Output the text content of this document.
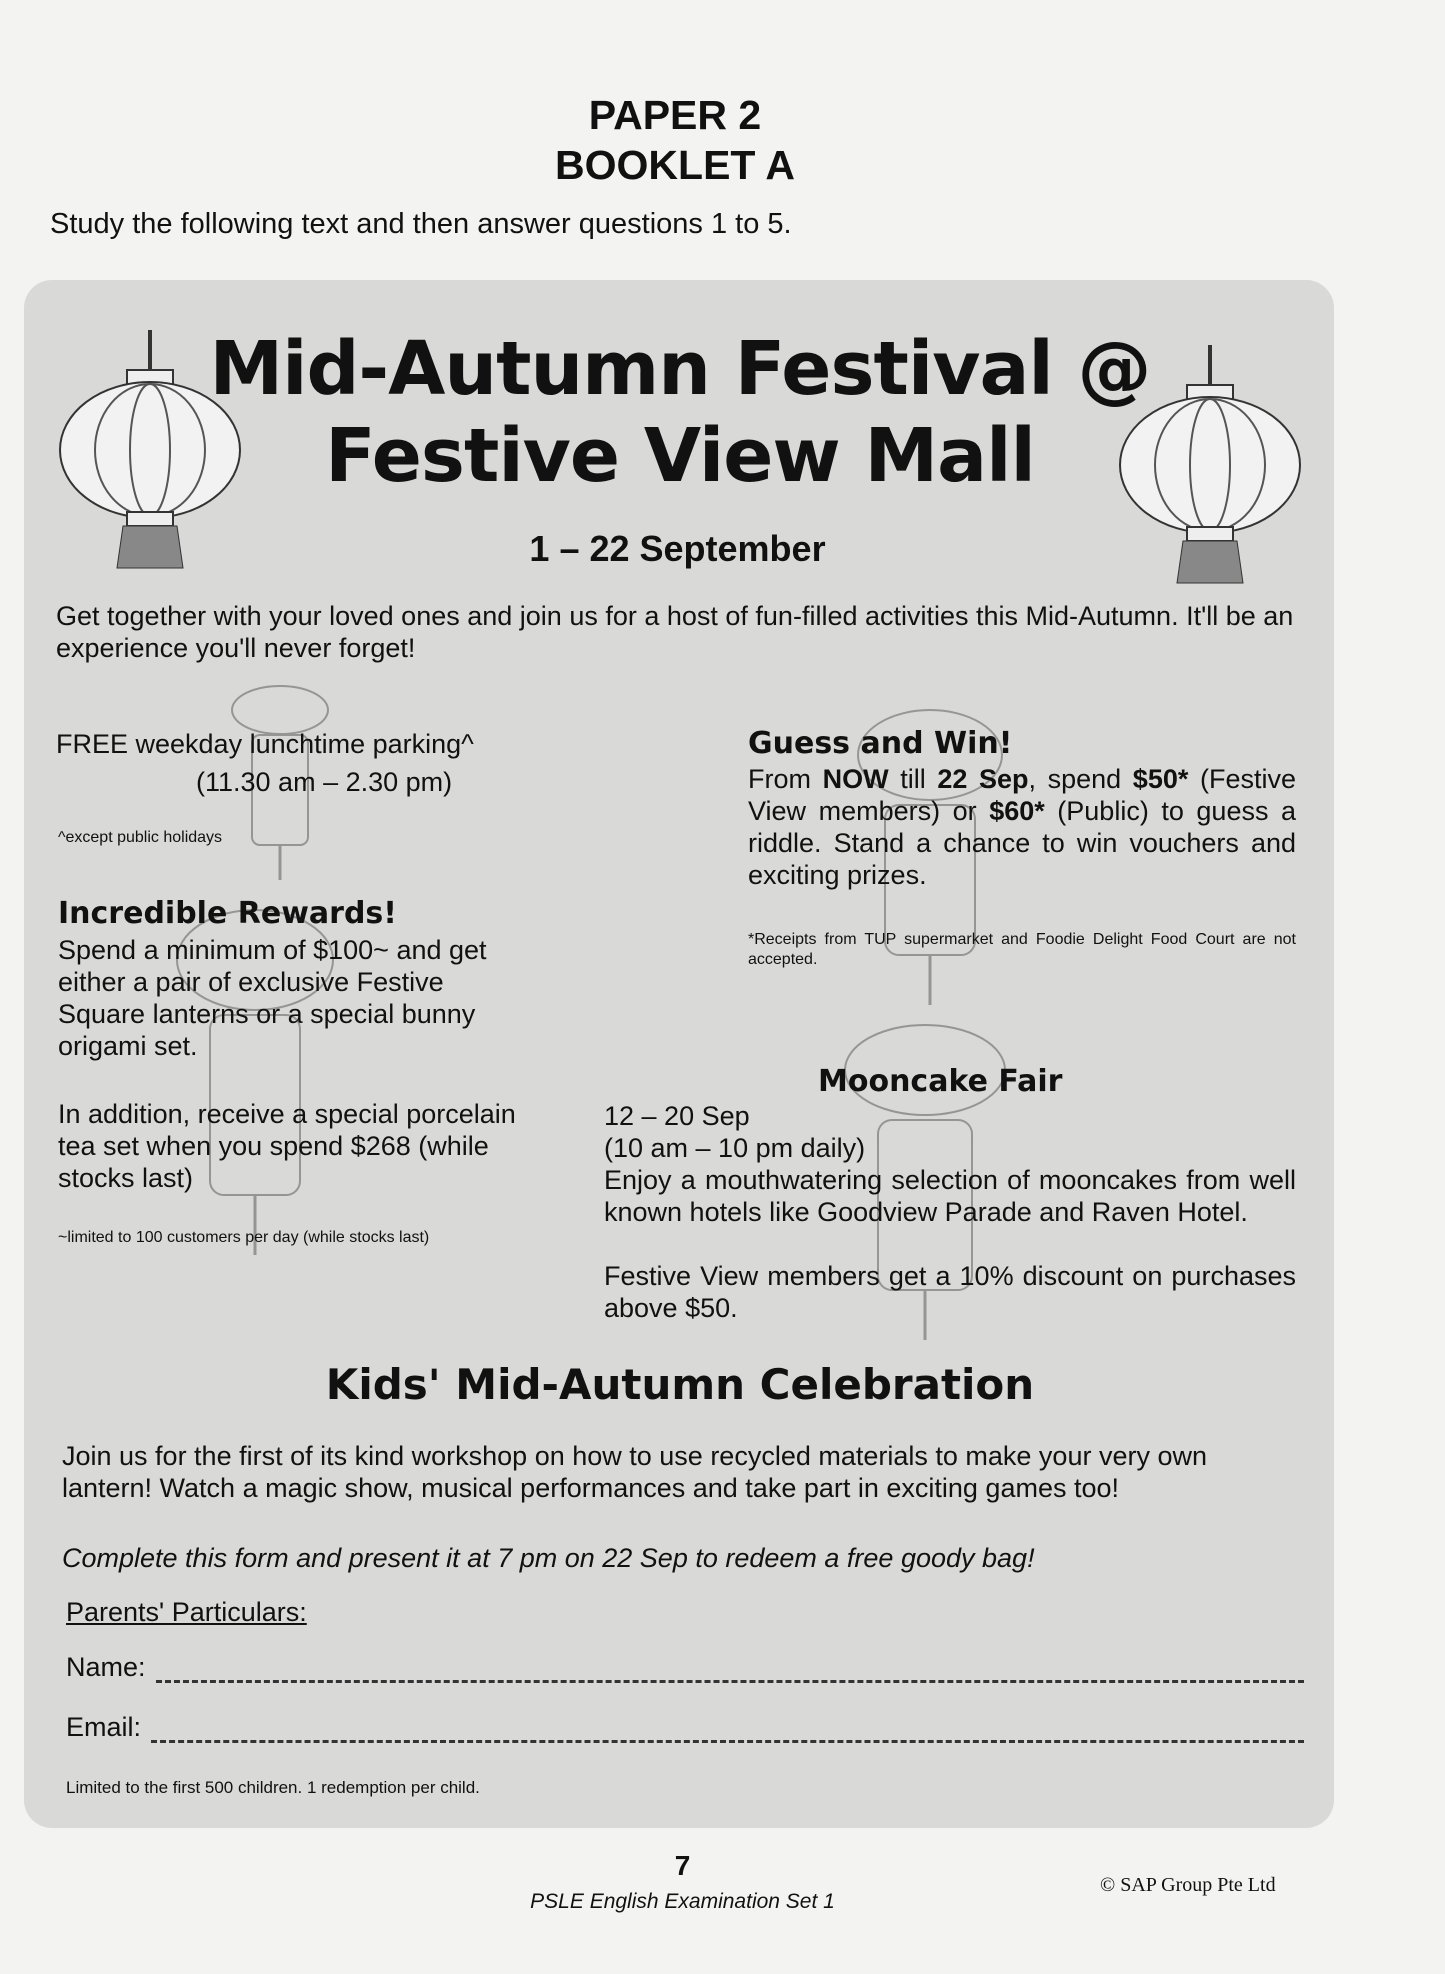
PAPER 2
BOOKLET A
Study the following text and then answer questions 1 to 5.
Mid-Autumn Festival @
Festive View Mall
1 – 22 September
Get together with your loved ones and join us for a host of fun-filled activities this Mid-Autumn. It'll be an experience you'll never forget!
FREE weekday lunchtime parking^
(11.30 am – 2.30 pm)
^except public holidays
Guess and Win!
From NOW till 22 Sep, spend $50* (Festive View members) or $60* (Public) to guess a riddle. Stand a chance to win vouchers and exciting prizes.
*Receipts from TUP supermarket and Foodie Delight Food Court are not accepted.
Incredible Rewards!
Spend a minimum of $100~ and get either a pair of exclusive Festive Square lanterns or a special bunny origami set.
In addition, receive a special porcelain tea set when you spend $268 (while stocks last)
~limited to 100 customers per day (while stocks last)
Mooncake Fair
12 – 20 Sep
(10 am – 10 pm daily)
Enjoy a mouthwatering selection of mooncakes from well known hotels like Goodview Parade and Raven Hotel.
Festive View members get a 10% discount on purchases above $50.
Kids' Mid-Autumn Celebration
Join us for the first of its kind workshop on how to use recycled materials to make your very own lantern! Watch a magic show, musical performances and take part in exciting games too!
Complete this form and present it at 7 pm on 22 Sep to redeem a free goody bag!
Parents' Particulars:
Name:
Email:
Limited to the first 500 children. 1 redemption per child.
7
PSLE English Examination Set 1
© SAP Group Pte Ltd
